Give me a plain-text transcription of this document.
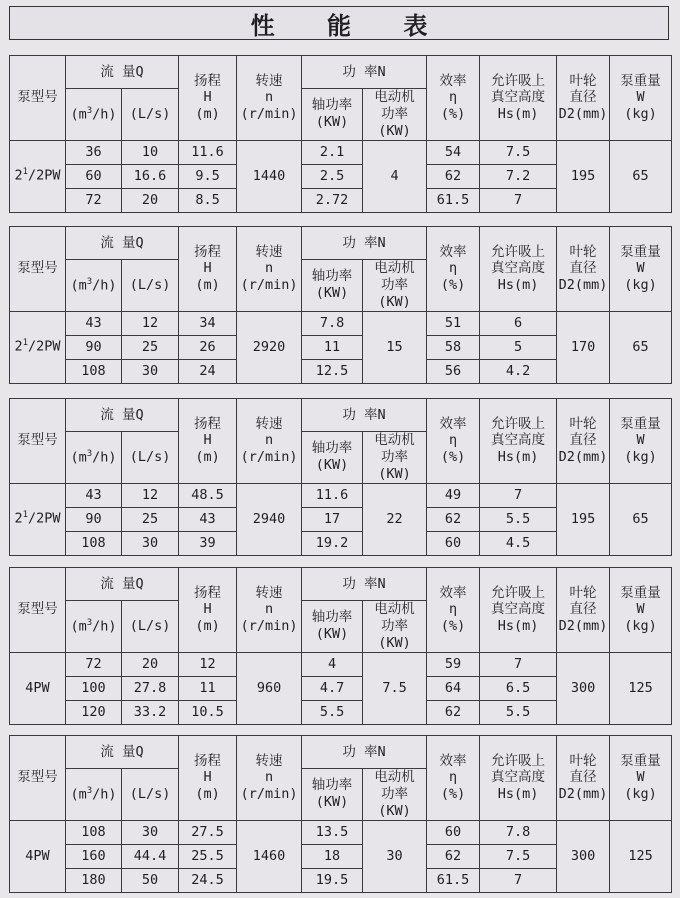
性 能 表
泵型号	流 量Q		扬程
H
(m)	转速
n
(r/min)	功 率N		效率
η
(%)	允许吸上
真空高度
Hs(m)	叶轮
直径
D2(mm)	泵重量
W
(kg)

	$(m^3/h)$	(L/s)			轴功率
(KW)	电动机
功率
(KW)				

$2^1/2PW$	36	10	11.6	1440	2.1	4	54	7.5	195	65
	60	16.6	9.5		2.5		62	7.2		
	72	20	8.5		2.72		61.5	7		
泵型号	流 量Q		扬程
H
(m)	转速
n
(r/min)	功 率N		效率
η
(%)	允许吸上
真空高度
Hs(m)	叶轮
直径
D2(mm)	泵重量
W
(kg)

	$(m^3/h)$	(L/s)			轴功率
(KW)	电动机
功率
(KW)				

$2^1/2PW$	43	12	34	2920	7.8	15	51	6	170	65
	90	25	26		11		58	5		
	108	30	24		12.5		56	4.2		
泵型号	流 量Q		扬程
H
(m)	转速
n
(r/min)	功 率N		效率
η
(%)	允许吸上
真空高度
Hs(m)	叶轮
直径
D2(mm)	泵重量
W
(kg)

	$(m^3/h)$	(L/s)			轴功率
(KW)	电动机
功率
(KW)				

$2^1/2PW$	43	12	48.5	2940	11.6	22	49	7	195	65
	90	25	43		17		62	5.5		
	108	30	39		19.2		60	4.5		
泵型号	流 量Q		扬程
H
(m)	转速
n
(r/min)	功 率N		效率
η
(%)	允许吸上
真空高度
Hs(m)	叶轮
直径
D2(mm)	泵重量
W
(kg)

	$(m^3/h)$	(L/s)			轴功率
(KW)	电动机
功率
(KW)				

4PW	72	20	12	960	4	7.5	59	7	300	125
	100	27.8	11		4.7		64	6.5		
	120	33.2	10.5		5.5		62	5.5		
泵型号	流 量Q		扬程
H
(m)	转速
n
(r/min)	功 率N		效率
η
(%)	允许吸上
真空高度
Hs(m)	叶轮
直径
D2(mm)	泵重量
W
(kg)

	$(m^3/h)$	(L/s)			轴功率
(KW)	电动机
功率
(KW)				

4PW	108	30	27.5	1460	13.5	30	60	7.8	300	125
	160	44.4	25.5		18		62	7.5		
	180	50	24.5		19.5		61.5	7		
